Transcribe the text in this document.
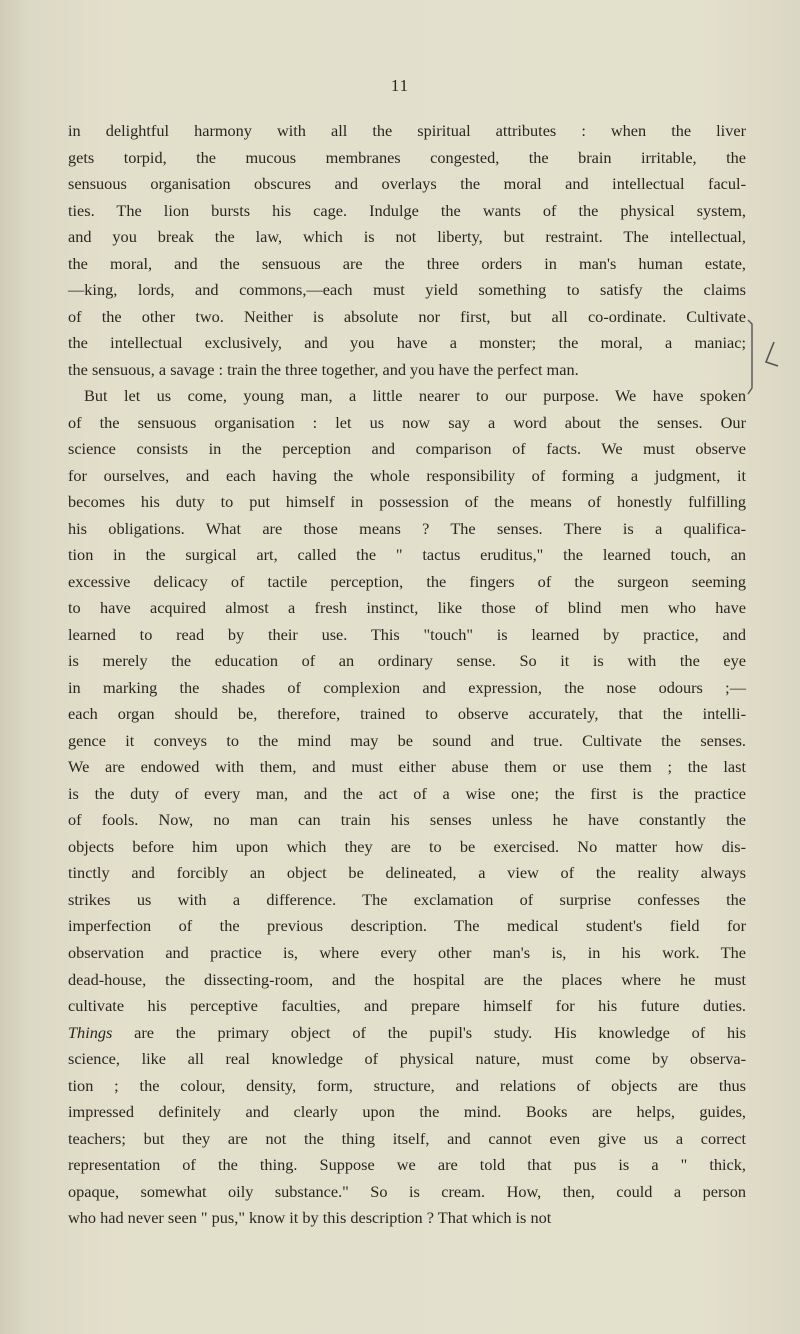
11
in delightful harmony with all the spiritual attributes : when the liver
gets torpid, the mucous membranes congested, the brain irritable, the
sensuous organisation obscures and overlays the moral and intellectual facul-
ties. The lion bursts his cage. Indulge the wants of the physical system,
and you break the law, which is not liberty, but restraint. The intellectual,
the moral, and the sensuous are the three orders in man's human estate,
—king, lords, and commons,—each must yield something to satisfy the claims
of the other two. Neither is absolute nor first, but all co-ordinate. Cultivate
the intellectual exclusively, and you have a monster; the moral, a maniac;
the sensuous, a savage : train the three together, and you have the perfect man.
But let us come, young man, a little nearer to our purpose. We have spoken
of the sensuous organisation : let us now say a word about the senses. Our
science consists in the perception and comparison of facts. We must observe
for ourselves, and each having the whole responsibility of forming a judgment, it
becomes his duty to put himself in possession of the means of honestly fulfilling
his obligations. What are those means ? The senses. There is a qualifica-
tion in the surgical art, called the " tactus eruditus," the learned touch, an
excessive delicacy of tactile perception, the fingers of the surgeon seeming
to have acquired almost a fresh instinct, like those of blind men who have
learned to read by their use. This "touch" is learned by practice, and
is merely the education of an ordinary sense. So it is with the eye
in marking the shades of complexion and expression, the nose odours ;—
each organ should be, therefore, trained to observe accurately, that the intelli-
gence it conveys to the mind may be sound and true. Cultivate the senses.
We are endowed with them, and must either abuse them or use them ; the last
is the duty of every man, and the act of a wise one; the first is the practice
of fools. Now, no man can train his senses unless he have constantly the
objects before him upon which they are to be exercised. No matter how dis-
tinctly and forcibly an object be delineated, a view of the reality always
strikes us with a difference. The exclamation of surprise confesses the
imperfection of the previous description. The medical student's field for
observation and practice is, where every other man's is, in his work. The
dead-house, the dissecting-room, and the hospital are the places where he must
cultivate his perceptive faculties, and prepare himself for his future duties.
Things are the primary object of the pupil's study. His knowledge of his
science, like all real knowledge of physical nature, must come by observa-
tion ; the colour, density, form, structure, and relations of objects are thus
impressed definitely and clearly upon the mind. Books are helps, guides,
teachers; but they are not the thing itself, and cannot even give us a correct
representation of the thing. Suppose we are told that pus is a " thick,
opaque, somewhat oily substance." So is cream. How, then, could a person
who had never seen " pus," know it by this description ? That which is not
